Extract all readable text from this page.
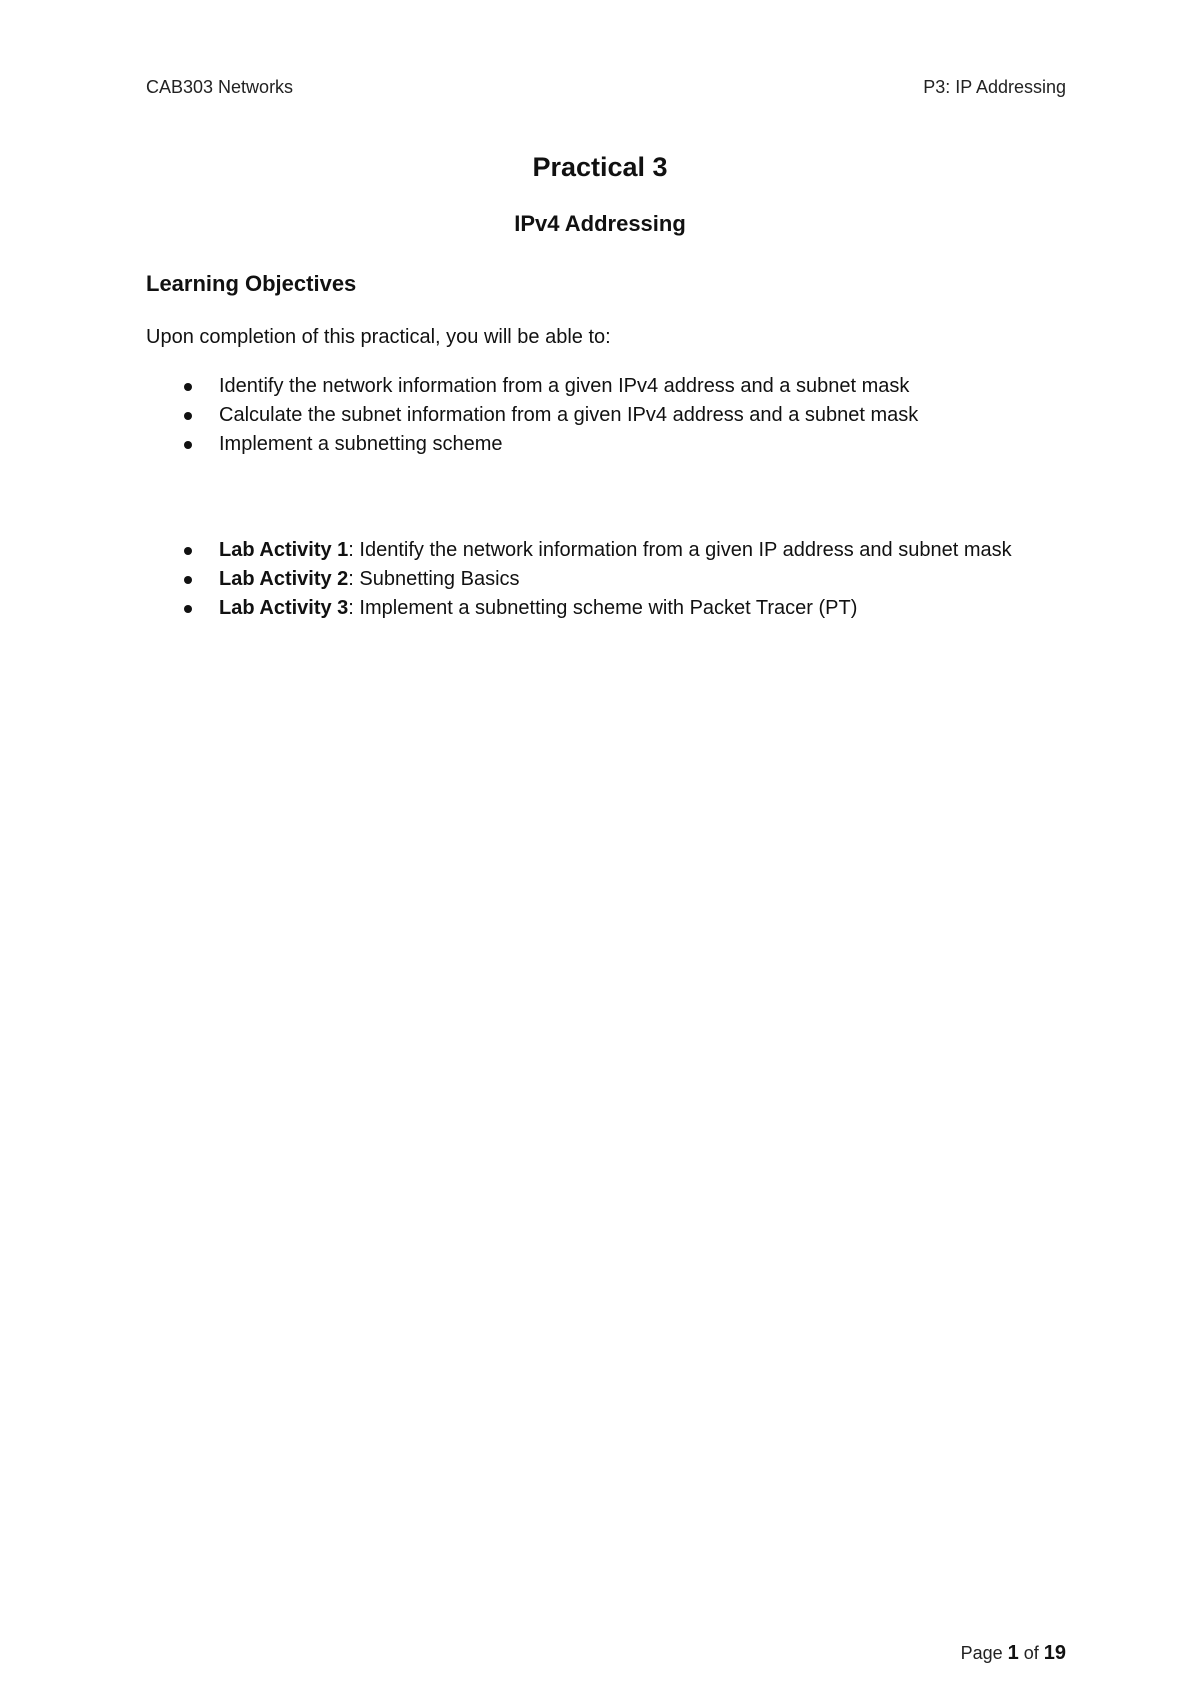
CAB303 Networks	P3: IP Addressing
Practical 3
IPv4 Addressing
Learning Objectives
Upon completion of this practical, you will be able to:
Identify the network information from a given IPv4 address and a subnet mask
Calculate the subnet information from a given IPv4 address and a subnet mask
Implement a subnetting scheme
Lab Activity 1: Identify the network information from a given IP address and subnet mask
Lab Activity 2: Subnetting Basics
Lab Activity 3: Implement a subnetting scheme with Packet Tracer (PT)
Page 1 of 19
